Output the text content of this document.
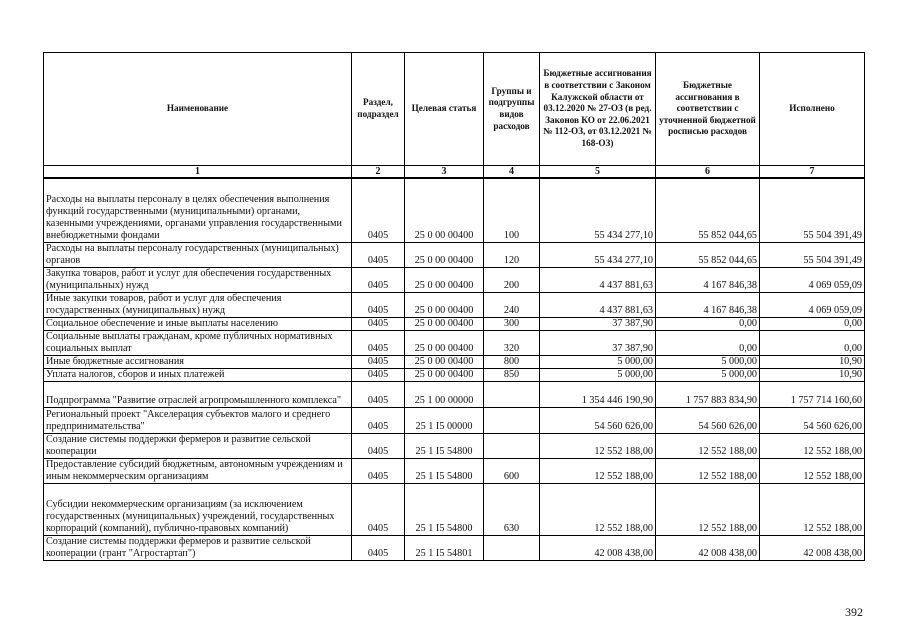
Наименование	Раздел, подраздел	Целевая статья	Группы и подгруппы видов расходов	Бюджетные ассигнования в соответствии с Законом Калужской области от 03.12.2020 № 27-ОЗ (в ред. Законов КО от 22.06.2021 № 112-ОЗ, от 03.12.2021 № 168-ОЗ)	Бюджетные ассигнования в соответствии с уточненной бюджетной росписью расходов	Исполнено
1	2	3	4	5	6	7
Расходы на выплаты персоналу в целях обеспечения выполнения функций государственными (муниципальными) органами, казенными учреждениями, органами управления государственными внебюджетными фондами	0405	25 0 00 00400	100	55 434 277,10	55 852 044,65	55 504 391,49
Расходы на выплаты персоналу государственных (муниципальных) органов	0405	25 0 00 00400	120	55 434 277,10	55 852 044,65	55 504 391,49
Закупка товаров, работ и услуг для обеспечения государственных (муниципальных) нужд	0405	25 0 00 00400	200	4 437 881,63	4 167 846,38	4 069 059,09
Иные закупки товаров, работ и услуг для обеспечения государственных (муниципальных) нужд	0405	25 0 00 00400	240	4 437 881,63	4 167 846,38	4 069 059,09
Социальное обеспечение и иные выплаты населению	0405	25 0 00 00400	300	37 387,90	0,00	0,00
Социальные выплаты гражданам, кроме публичных нормативных социальных выплат	0405	25 0 00 00400	320	37 387,90	0,00	0,00
Иные бюджетные ассигнования	0405	25 0 00 00400	800	5 000,00	5 000,00	10,90
Уплата налогов, сборов и иных платежей	0405	25 0 00 00400	850	5 000,00	5 000,00	10,90
Подпрограмма "Развитие отраслей агропромышленного комплекса"	0405	25 1 00 00000		1 354 446 190,90	1 757 883 834,90	1 757 714 160,60
Региональный проект "Акселерация субъектов малого и среднего предпринимательства"	0405	25 1 I5 00000		54 560 626,00	54 560 626,00	54 560 626,00
Создание системы поддержки фермеров и развитие сельской кооперации	0405	25 1 I5 54800		12 552 188,00	12 552 188,00	12 552 188,00
Предоставление субсидий бюджетным, автономным учреждениям и иным некоммерческим организациям	0405	25 1 I5 54800	600	12 552 188,00	12 552 188,00	12 552 188,00
Субсидии некоммерческим организациям (за исключением государственных (муниципальных) учреждений, государственных корпораций (компаний), публично-правовых компаний)	0405	25 1 I5 54800	630	12 552 188,00	12 552 188,00	12 552 188,00
Создание системы поддержки фермеров и развитие сельской кооперации (грант "Агростартап")	0405	25 1 I5 54801		42 008 438,00	42 008 438,00	42 008 438,00
392
